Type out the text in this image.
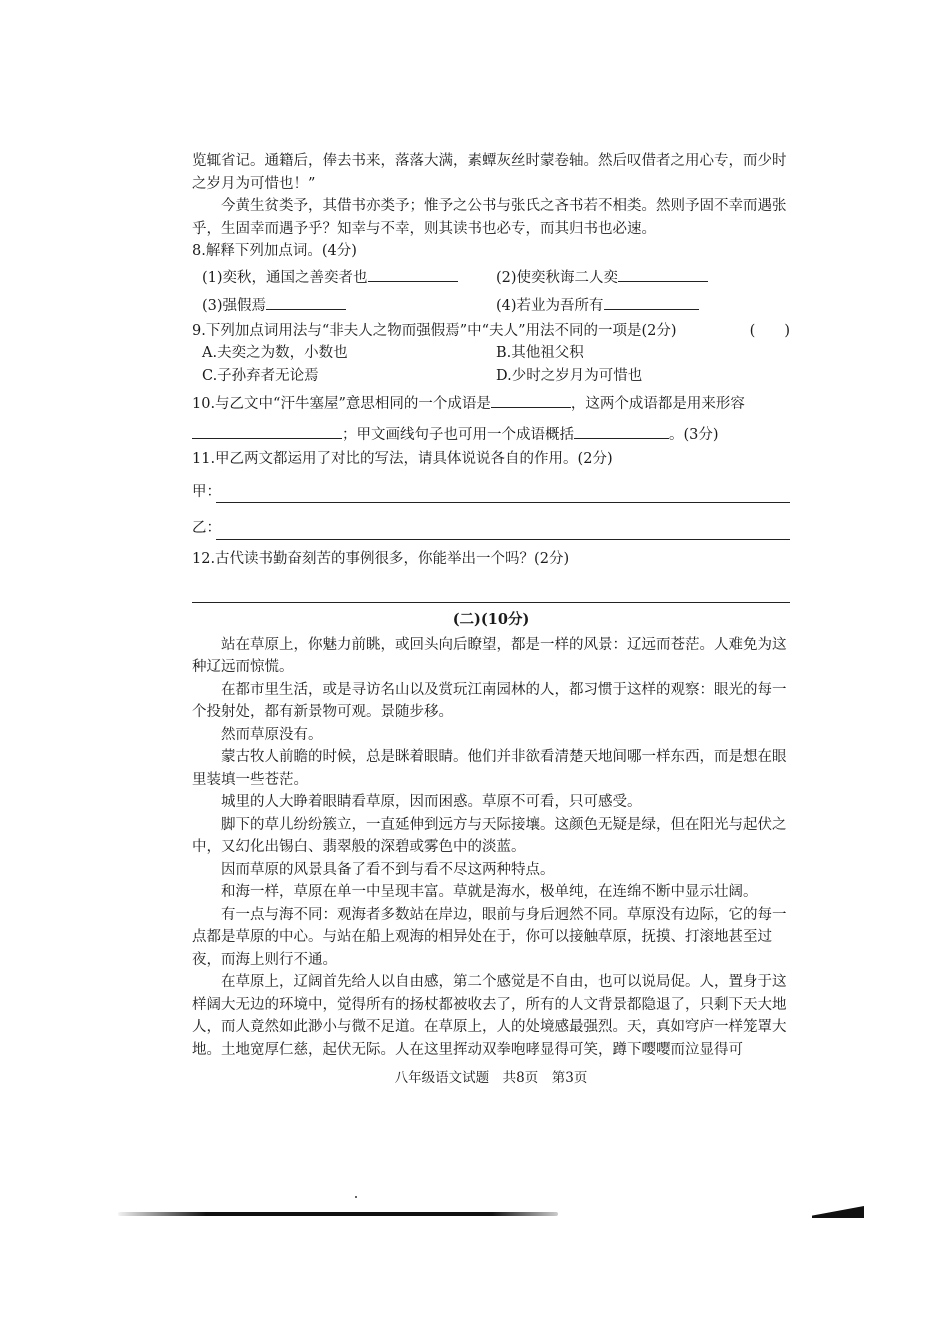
览辄省记。通籍后，俸去书来，落落大满，素蟫灰丝时蒙卷轴。然后叹借者之用心专，而少时之岁月为可惜也！”

今黄生贫类予，其借书亦类予；惟予之公书与张氏之吝书若不相类。然则予固不幸而遇张乎，生固幸而遇予乎？知幸与不幸，则其读书也必专，而其归书也必速。

8.解释下列加点词。(4分)

(1)奕秋，通国之善奕者也	(2)使奕秋诲二人奕
(3)强假焉	(4)若业为吾所有
9.下列加点词用法与“非夫人之物而强假焉”中“夫人”用法不同的一项是(2分)	(　　)
A.夫奕之为数，小数也	B.其他祖父积
C.子孙弃者无论焉	D.少时之岁月为可惜也

10.与乙文中“汗牛塞屋”意思相同的一个成语是	，这两个成语都是用来形容

；甲文画线句子也可用一个成语概括	。(3分)

11.甲乙两文都运用了对比的写法，请具体说说各自的作用。(2分)

甲：
乙：

12.古代读书勤奋刻苦的事例很多，你能举出一个吗？(2分)

(二)(10分)

站在草原上，你魅力前眺，或回头向后瞭望，都是一样的风景：辽远而苍茫。人难免为这种辽远而惊慌。

在都市里生活，或是寻访名山以及赏玩江南园林的人，都习惯于这样的观察：眼光的每一个投射处，都有新景物可观。景随步移。

然而草原没有。

蒙古牧人前瞻的时候，总是眯着眼睛。他们并非欲看清楚天地间哪一样东西，而是想在眼里装填一些苍茫。

城里的人大睁着眼睛看草原，因而困惑。草原不可看，只可感受。

脚下的草儿纷纷簇立，一直延伸到远方与天际接壤。这颜色无疑是绿，但在阳光与起伏之中，又幻化出锡白、翡翠般的深碧或雾色中的淡蓝。

因而草原的风景具备了看不到与看不尽这两种特点。

和海一样，草原在单一中呈现丰富。草就是海水，极单纯，在连绵不断中显示壮阔。

有一点与海不同：观海者多数站在岸边，眼前与身后迥然不同。草原没有边际，它的每一点都是草原的中心。与站在船上观海的相异处在于，你可以接触草原，抚摸、打滚地甚至过夜，而海上则行不通。

在草原上，辽阔首先给人以自由感，第二个感觉是不自由，也可以说局促。人，置身于这样阔大无边的环境中，觉得所有的扬杖都被收去了，所有的人文背景都隐退了，只剩下天大地人，而人竟然如此渺小与微不足道。在草原上，人的处境感最强烈。天，真如穹庐一样笼罩大地。土地宽厚仁慈，起伏无际。人在这里挥动双拳咆哮显得可笑，蹲下嘤嘤而泣显得可

八年级语文试题　共8页　第3页
